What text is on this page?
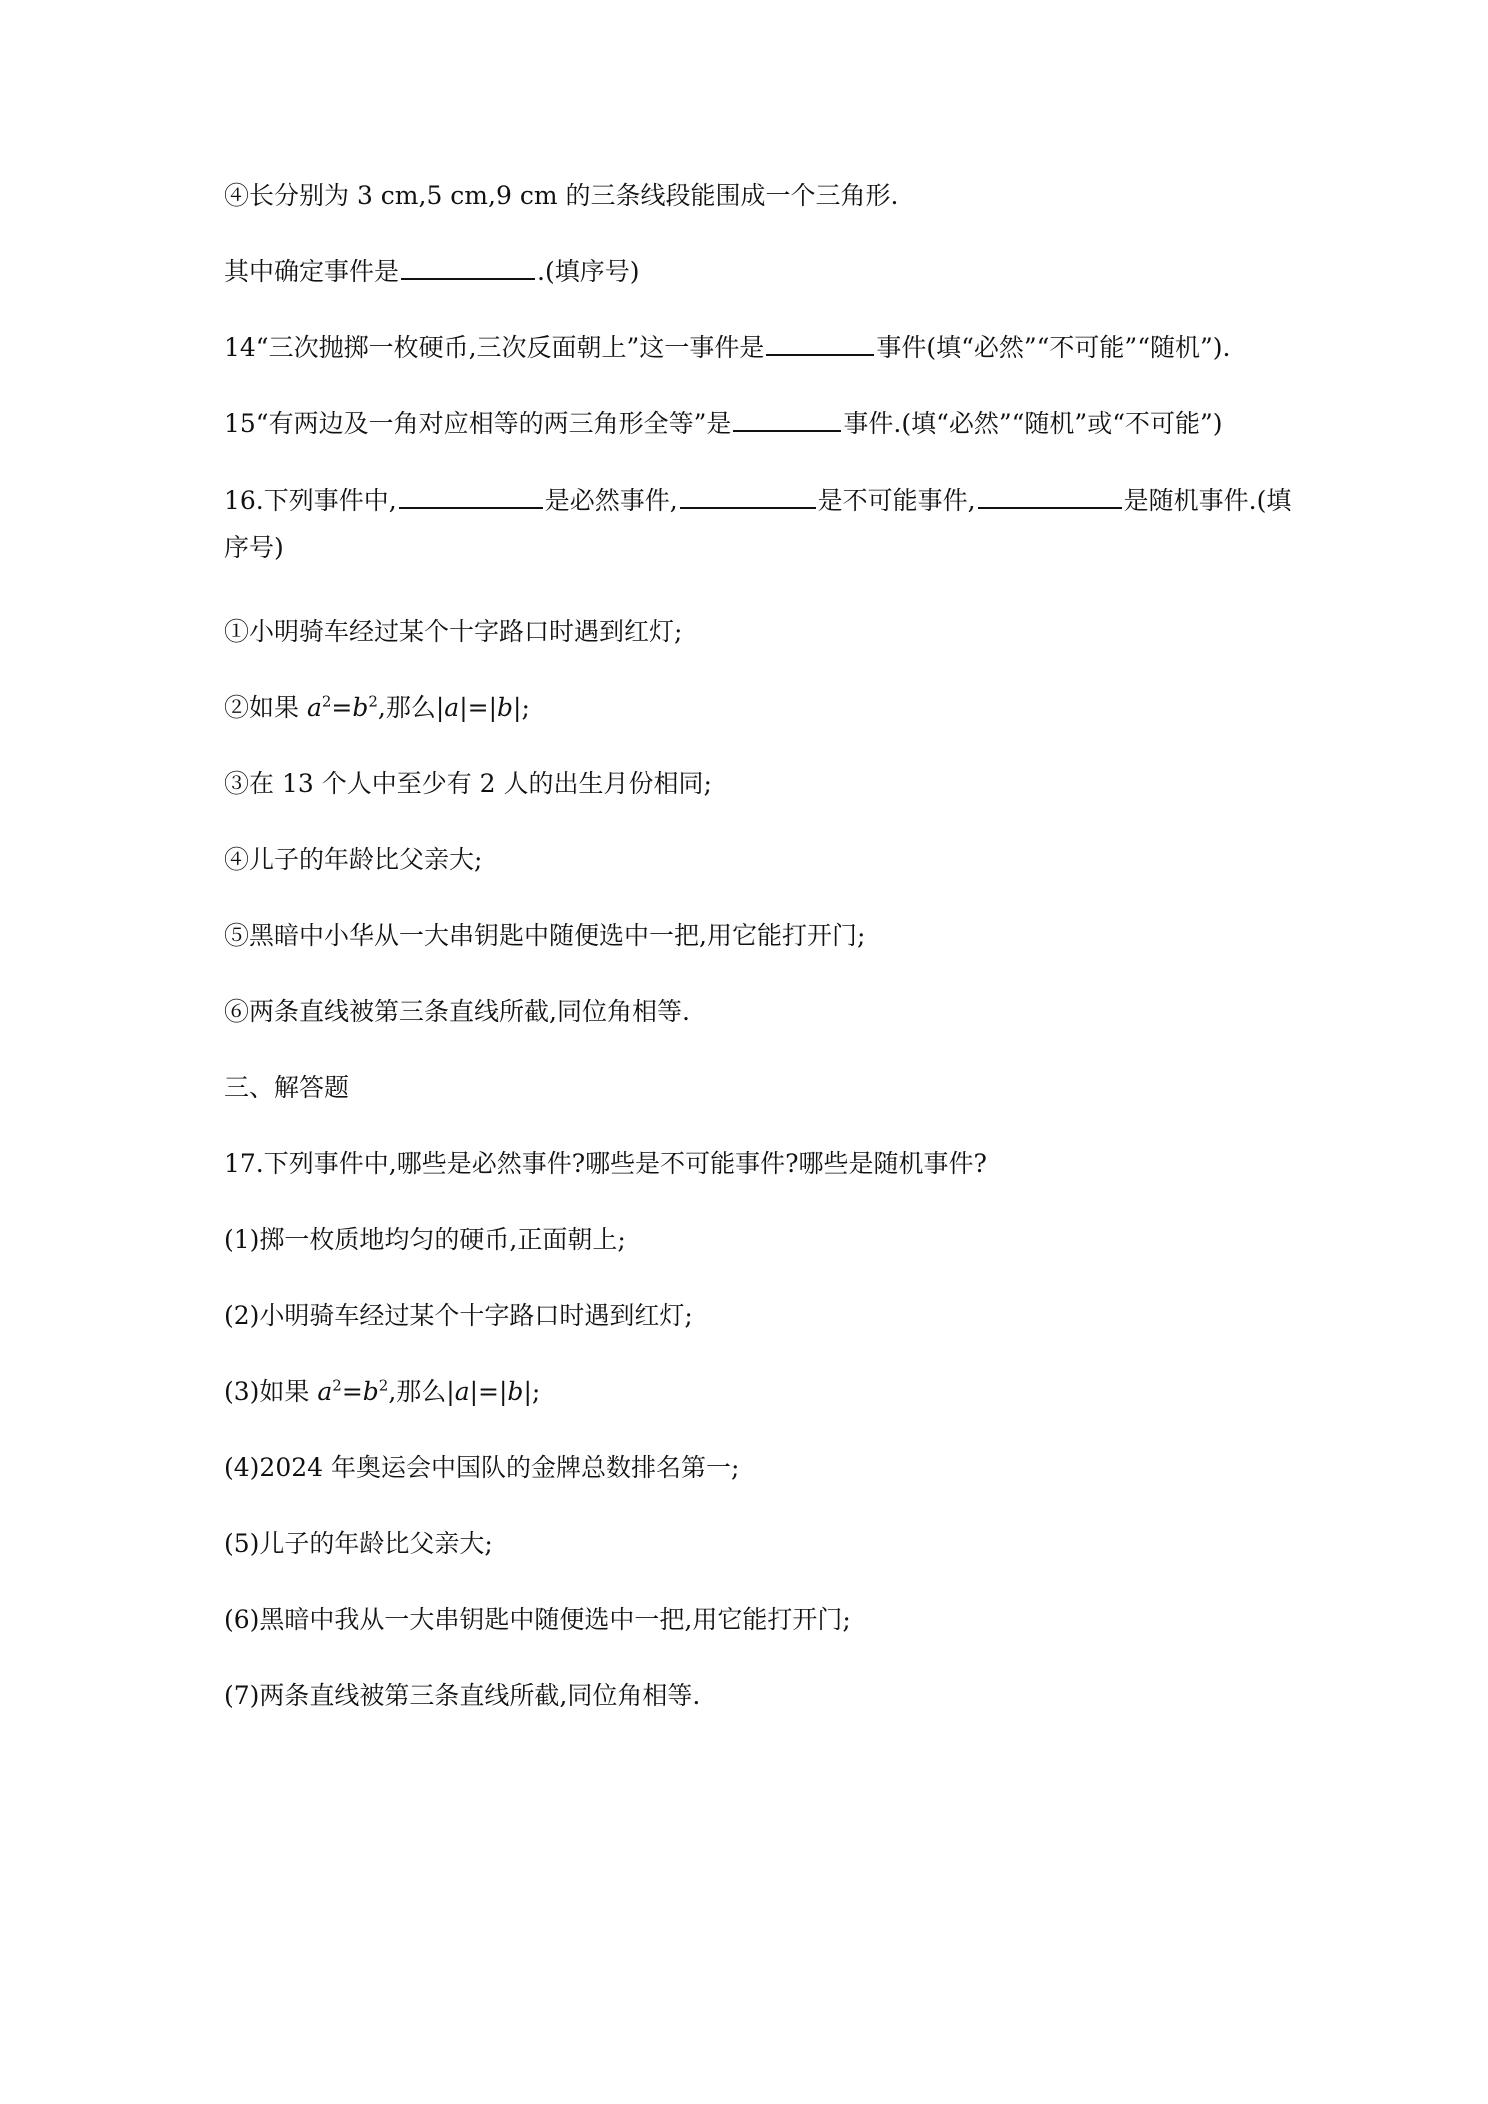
④长分别为 3 cm,5 cm,9 cm 的三条线段能围成一个三角形.
其中确定事件是	.(填序号)
14“三次抛掷一枚硬币,三次反面朝上”这一事件是	事件(填“必然”“不可能”“随机”).
15“有两边及一角对应相等的两三角形全等”是	事件.(填“必然”“随机”或“不可能”)
16.下列事件中,	是必然事件,	是不可能事件,	是随机事件.(填序号)
①小明骑车经过某个十字路口时遇到红灯;
②如果 $a^2=b^2$,那么|a|=|b|;
③在 13 个人中至少有 2 人的出生月份相同;
④儿子的年龄比父亲大;
⑤黑暗中小华从一大串钥匙中随便选中一把,用它能打开门;
⑥两条直线被第三条直线所截,同位角相等.
三、解答题
17.下列事件中,哪些是必然事件?哪些是不可能事件?哪些是随机事件?
(1)掷一枚质地均匀的硬币,正面朝上;
(2)小明骑车经过某个十字路口时遇到红灯;
(3)如果 $a^2=b^2$,那么|a|=|b|;
(4)2024 年奥运会中国队的金牌总数排名第一;
(5)儿子的年龄比父亲大;
(6)黑暗中我从一大串钥匙中随便选中一把,用它能打开门;
(7)两条直线被第三条直线所截,同位角相等.
